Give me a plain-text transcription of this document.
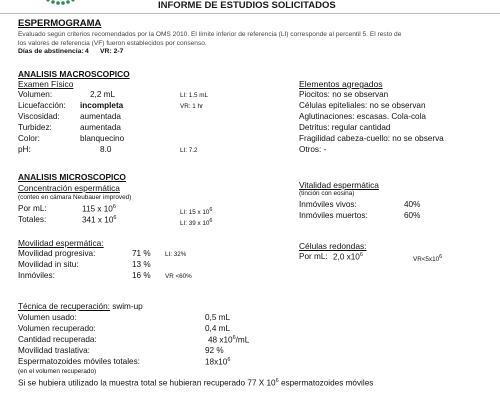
INFORME DE ESTUDIOS SOLICITADOS
ESPERMOGRAMA
Evaluado según criterios recomendados por la OMS 2010. El límite inferior de referencia (LI) corresponde al percentil 5. El resto de
los valores de referencia (VF) fueron establecidos por consenso.
Días de abstinencia: 4 VR: 2-7
ANALISIS MACROSCOPICO
Examen Físico
Volumen:	2,2 mL	LI: 1.5 mL
Licuefacción: incompleta	VR: 1 hr
Viscosidad: aumentada
Turbidez:	aumentada
Color:	blanquecino
pH:	8.0	LI: 7.2
Elementos agregados
Piocitos: no se observan
Células epiteliales: no se observan
Aglutinaciones: escasas. Cola-cola
Detritus: regular cantidad
Fragilidad cabeza-cuello: no se observa
Otros: -
ANALISIS MICROSCOPICO
Concentración espermática
(conteo en cámara Neubauer improved)
Por mL:	115 x $10^6$
LI: 15 x $10^6$
Totales:	341 x $10^6$
LI: 39 x $10^6$
Vitalidad espermática
(tinción con eosina)
Inmóviles vivos:	40%
Inmóviles muertos:	60%
Movilidad espermática:
Movilidad progresiva:	71 % LI: 32%
Movilidad in situ:	13 %
Inmóviles:	16 % VR <60%
Células redondas:
Por mL: 2,0 $x10^6$
$VR<5x10^6$
Técnica de recuperación: swim-up
Volumen usado:	0,5 mL
Volumen recuperado:	0,4 mL
Cantidad recuperada:	48 $x10^6/mL$
Movilidad traslativa:	92 %
Espermatozoides móviles totales:	$18x10^6$
(en el volumen recuperado)
Si se hubiera utilizado la muestra total se hubieran recuperado 77 X $10^6$ espermatozoides móviles
